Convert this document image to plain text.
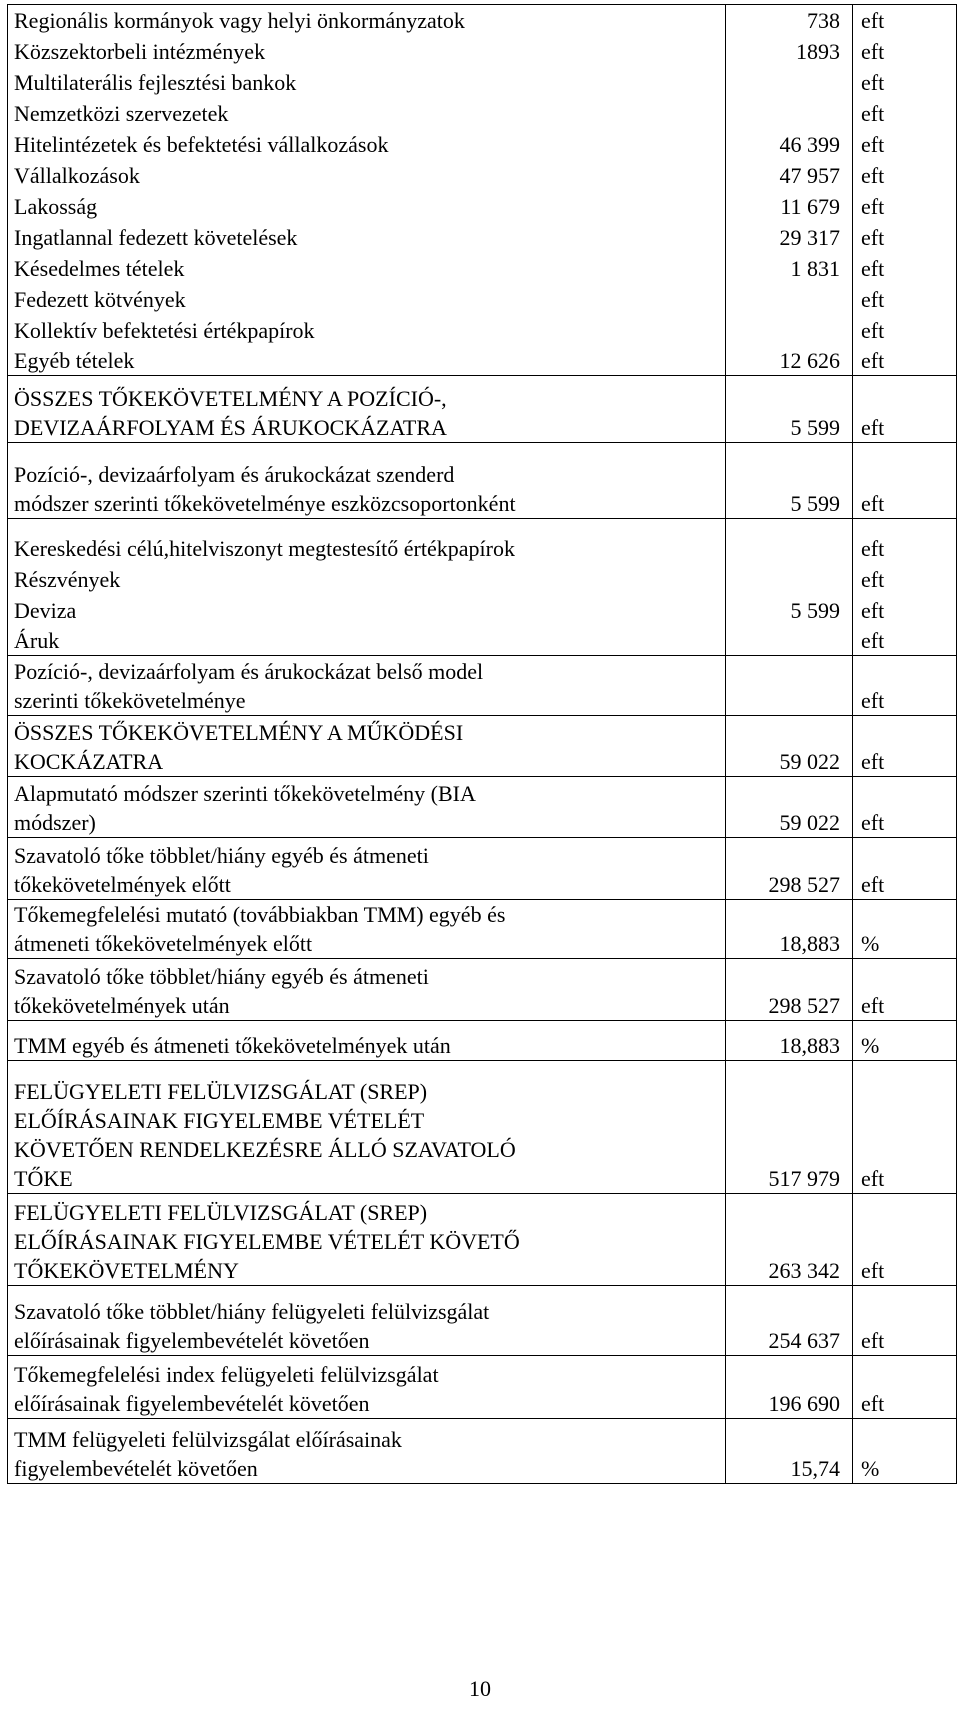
Regionális kormányok vagy helyi önkormányzatok	738	eft
Közszektorbeli intézmények	1893	eft
Multilaterális fejlesztési bankok		eft
Nemzetközi szervezetek		eft
Hitelintézetek és befektetési vállalkozások	46 399	eft
Vállalkozások	47 957	eft
Lakosság	11 679	eft
Ingatlannal fedezett követelések	29 317	eft
Késedelmes tételek	1 831	eft
Fedezett kötvények		eft
Kollektív befektetési értékpapírok		eft
Egyéb tételek	12 626	eft
ÖSSZES TŐKEKÖVETELMÉNY A POZÍCIÓ-,
DEVIZAÁRFOLYAM ÉS ÁRUKOCKÁZATRA	5 599	eft
Pozíció-, devizaárfolyam és árukockázat szenderd
módszer szerinti tőkekövetelménye eszközcsoportonként	5 599	eft
Kereskedési célú,hitelviszonyt megtestesítő értékpapírok		eft
Részvények		eft
Deviza	5 599	eft
Áruk		eft
Pozíció-, devizaárfolyam és árukockázat belső model
szerinti tőkekövetelménye		eft
ÖSSZES TŐKEKÖVETELMÉNY A MŰKÖDÉSI
KOCKÁZATRA	59 022	eft
Alapmutató módszer szerinti tőkekövetelmény (BIA
módszer)	59 022	eft
Szavatoló tőke többlet/hiány egyéb és átmeneti
tőkekövetelmények előtt	298 527	eft
Tőkemegfelelési mutató (továbbiakban TMM) egyéb és
átmeneti tőkekövetelmények előtt	18,883	%
Szavatoló tőke többlet/hiány egyéb és átmeneti
tőkekövetelmények után	298 527	eft
TMM egyéb és átmeneti tőkekövetelmények után	18,883	%
FELÜGYELETI FELÜLVIZSGÁLAT (SREP)
ELŐÍRÁSAINAK FIGYELEMBE VÉTELÉT
KÖVETŐEN RENDELKEZÉSRE ÁLLÓ SZAVATOLÓ
TŐKE	517 979	eft
FELÜGYELETI FELÜLVIZSGÁLAT (SREP)
ELŐÍRÁSAINAK FIGYELEMBE VÉTELÉT KÖVETŐ
TŐKEKÖVETELMÉNY	263 342	eft
Szavatoló tőke többlet/hiány felügyeleti felülvizsgálat
előírásainak figyelembevételét követően	254 637	eft
Tőkemegfelelési index felügyeleti felülvizsgálat
előírásainak figyelembevételét követően	196 690	eft
TMM felügyeleti felülvizsgálat előírásainak
figyelembevételét követően	15,74	%
10
